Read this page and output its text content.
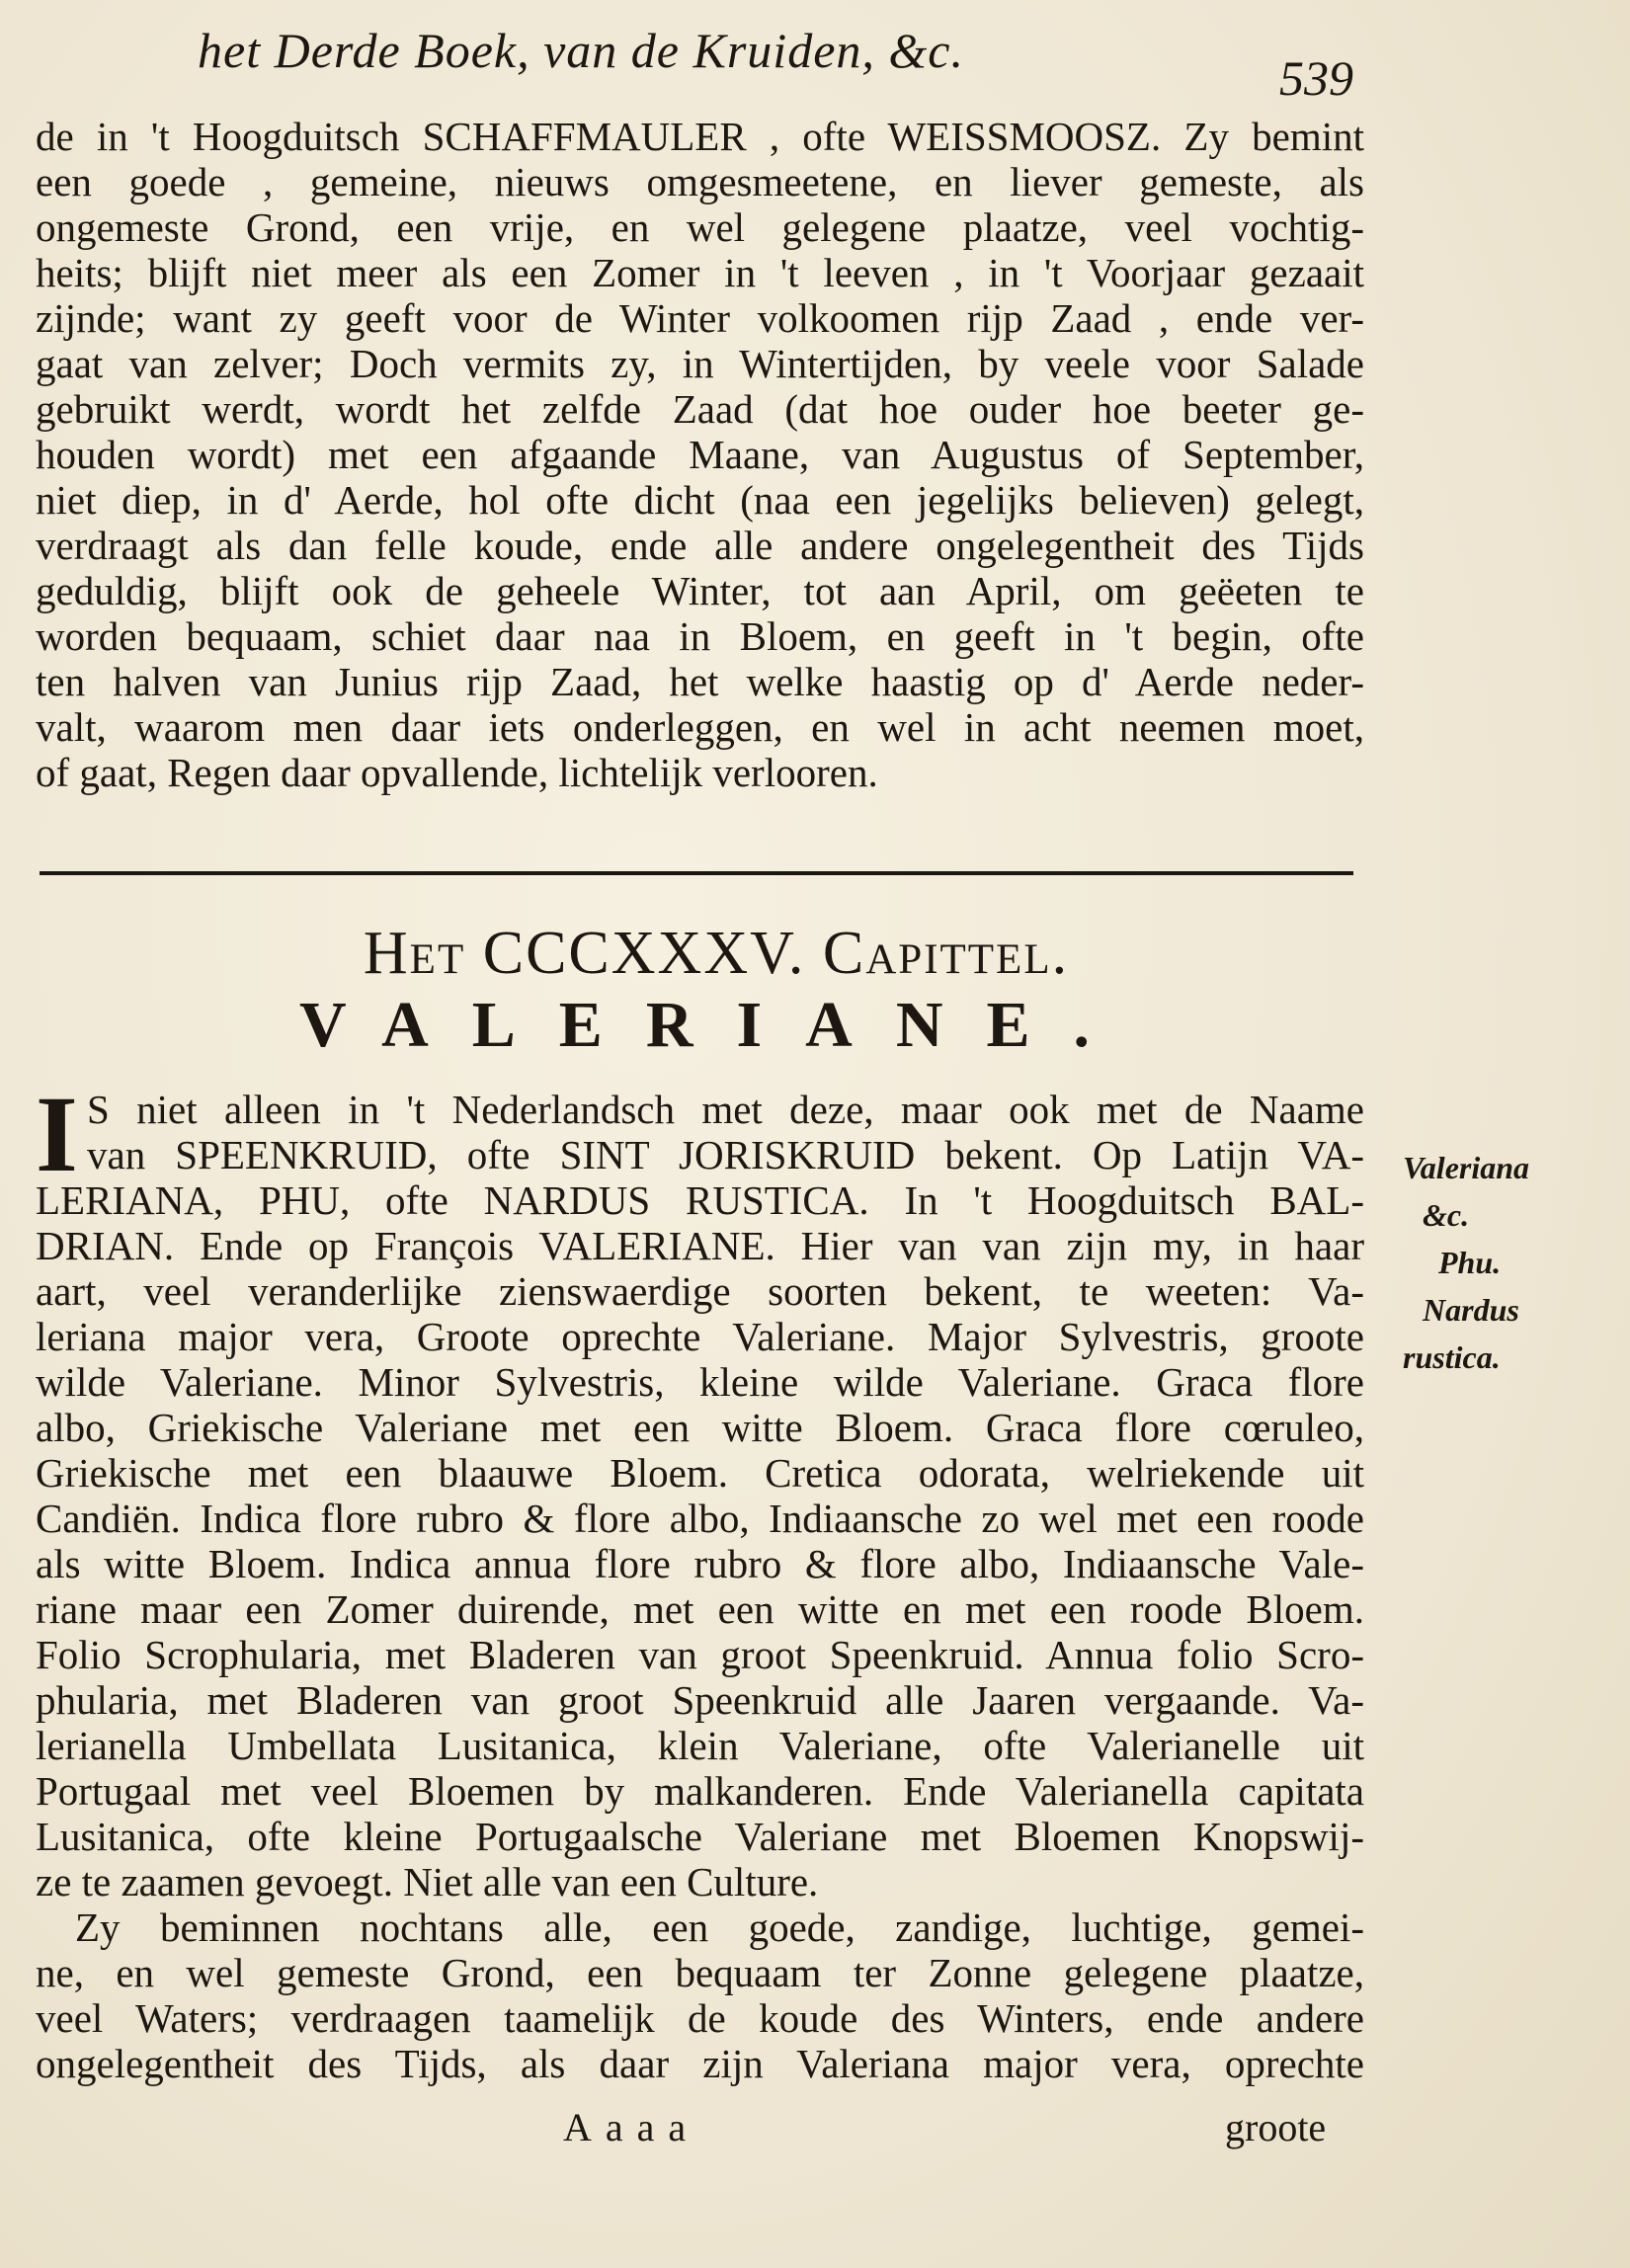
het Derde Boek, van de Kruiden, &c.	539
de in 't Hoogduitsch SCHAFFMAULER , ofte WEISSMOOSZ. Zy bemint
een goede , gemeine, nieuws omgesmeetene, en liever gemeste, als
ongemeste Grond, een vrije, en wel gelegene plaatze, veel vochtig-
heits; blijft niet meer als een Zomer in 't leeven , in 't Voorjaar gezaait
zijnde; want zy geeft voor de Winter volkoomen rijp Zaad , ende ver-
gaat van zelver; Doch vermits zy, in Wintertijden, by veele voor Salade
gebruikt werdt, wordt het zelfde Zaad (dat hoe ouder hoe beeter ge-
houden wordt) met een afgaande Maane, van Augustus of September,
niet diep, in d' Aerde, hol ofte dicht (naa een jegelijks believen) gelegt,
verdraagt als dan felle koude, ende alle andere ongelegentheit des Tijds
geduldig, blijft ook de geheele Winter, tot aan April, om geëeten te
worden bequaam, schiet daar naa in Bloem, en geeft in 't begin, ofte
ten halven van Junius rijp Zaad, het welke haastig op d' Aerde neder-
valt, waarom men daar iets onderleggen, en wel in acht neemen moet,
of gaat, Regen daar opvallende, lichtelijk verlooren.
Het CCCXXXV. Capittel.
VALERIANE.
I S niet alleen in 't Nederlandsch met deze, maar ook met de Naame
van SPEENKRUID, ofte SINT JORISKRUID bekent. Op Latijn VA-
LERIANA, PHU, ofte NARDUS RUSTICA. In 't Hoogduitsch BAL-
DRIAN. Ende op François VALERIANE. Hier van van zijn my, in haar
aart, veel veranderlijke zienswaerdige soorten bekent, te weeten: Va-
leriana major vera, Groote oprechte Valeriane. Major Sylvestris, groote
wilde Valeriane. Minor Sylvestris, kleine wilde Valeriane. Graca flore
albo, Griekische Valeriane met een witte Bloem. Graca flore cœruleo,
Griekische met een blaauwe Bloem. Cretica odorata, welriekende uit
Candiën. Indica flore rubro & flore albo, Indiaansche zo wel met een roode
als witte Bloem. Indica annua flore rubro & flore albo, Indiaansche Vale-
riane maar een Zomer duirende, met een witte en met een roode Bloem.
Folio Scrophularia, met Bladeren van groot Speenkruid. Annua folio Scro-
phularia, met Bladeren van groot Speenkruid alle Jaaren vergaande. Va-
lerianella Umbellata Lusitanica, klein Valeriane, ofte Valerianelle uit
Portugaal met veel Bloemen by malkanderen. Ende Valerianella capitata
Lusitanica, ofte kleine Portugaalsche Valeriane met Bloemen Knopswij-
ze te zaamen gevoegt. Niet alle van een Culture.
Zy beminnen nochtans alle, een goede, zandige, luchtige, gemei-
ne, en wel gemeste Grond, een bequaam ter Zonne gelegene plaatze,
veel Waters; verdraagen taamelijk de koude des Winters, ende andere
ongelegentheit des Tijds, als daar zijn Valeriana major vera, oprechte
Valeriana
&c.
Phu.
Nardus
rustica.
Aaaa	groote
